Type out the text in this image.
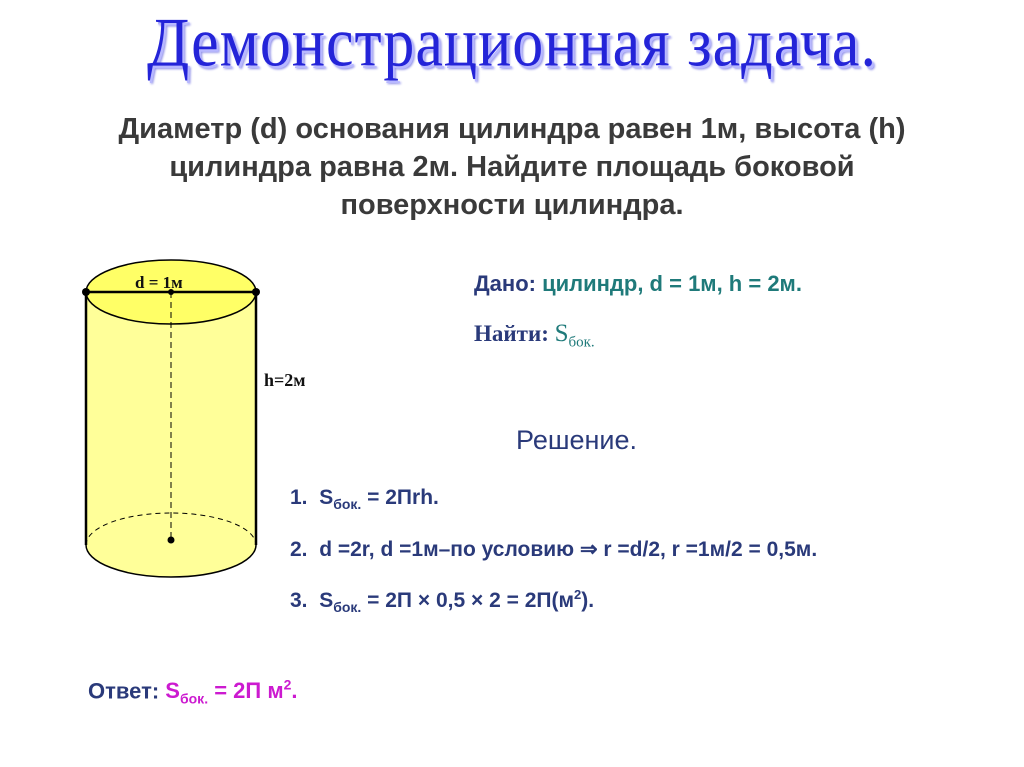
Демонстрационная задача.
Диаметр (d) основания цилиндра равен 1м, высота (h)
цилиндра равна 2м. Найдите площадь боковой
поверхности цилиндра.
d = 1м
h=2м
Дано: цилиндр, d = 1м, h = 2м.
Найти: $S_{бок.}$
Решение.
1. $S_{бок.} = 2Пrh$.
2. d =2r, d =1м–по условию ⇒ r =d/2, r =1м/2 = 0,5м.
3. $S_{бок.} = 2П \times 0,5 \times 2 = 2П(м^2)$.
Ответ: $S_{бок.} = 2П$ $м^2$.
